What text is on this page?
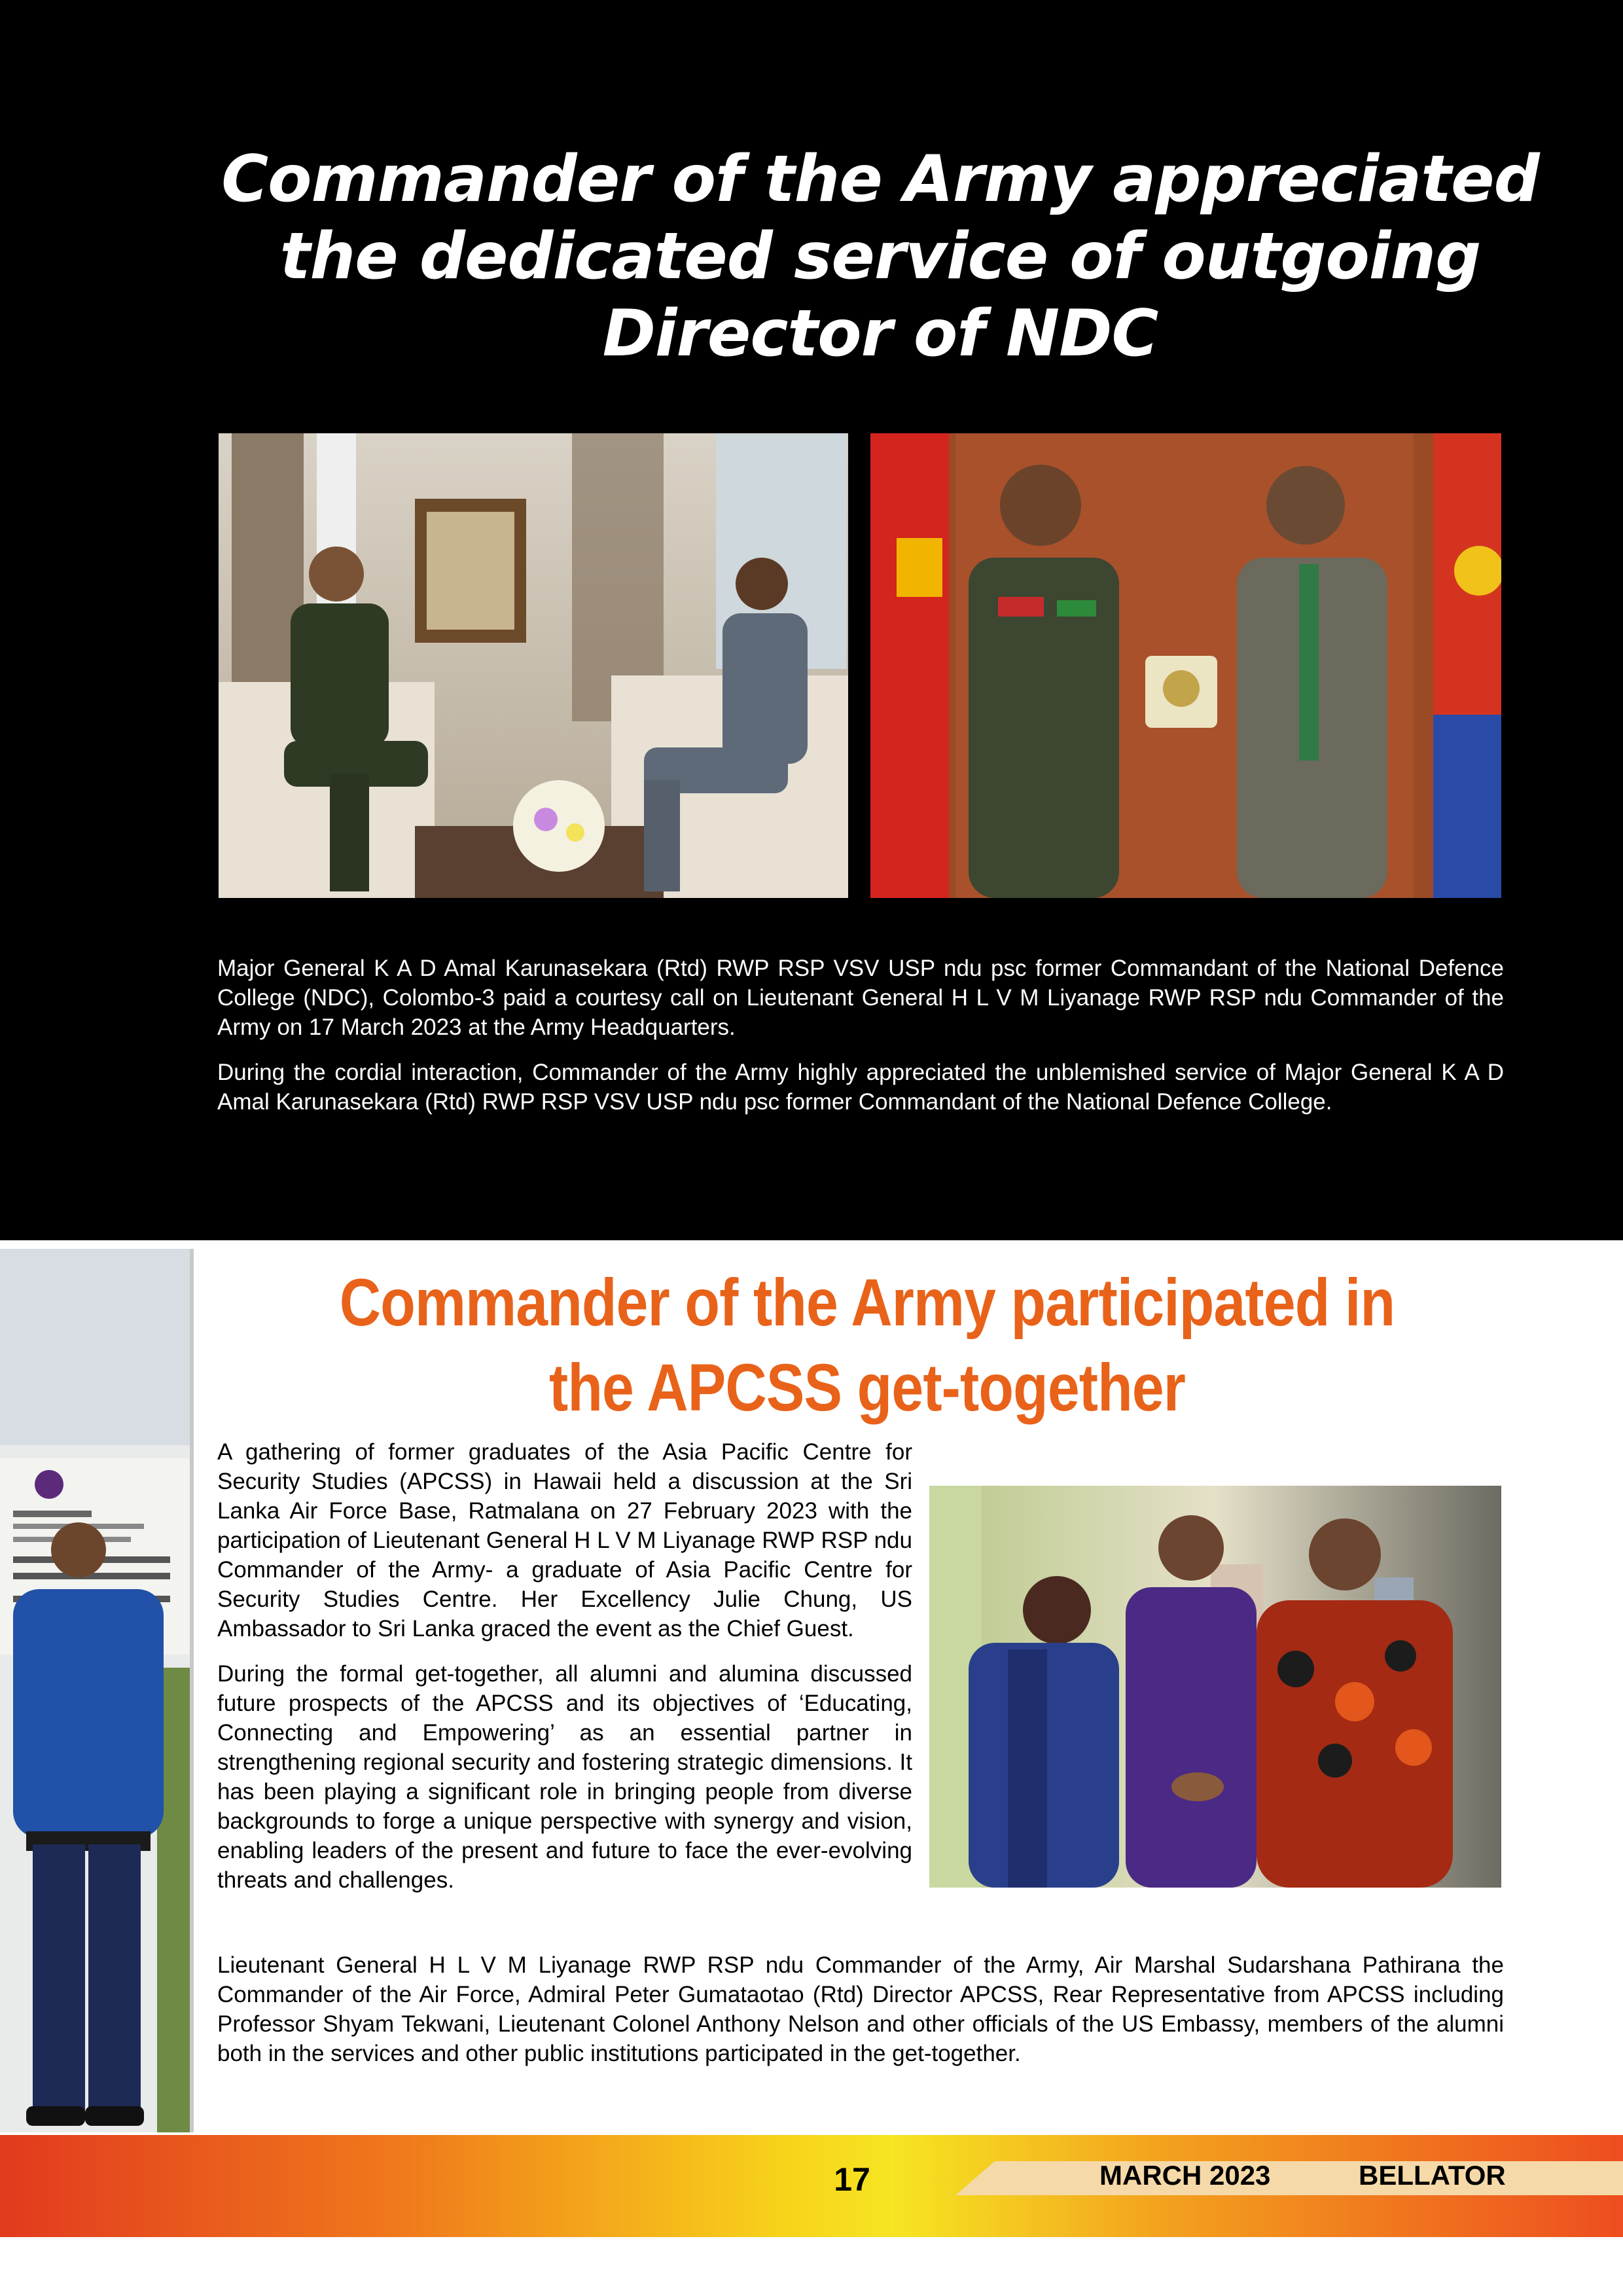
Commander of the Army appreciated the dedicated service of outgoing Director of NDC

Major General K A D Amal Karunasekara (Rtd) RWP RSP VSV USP ndu psc former Commandant of the National Defence College (NDC), Colombo-3 paid a courtesy call on Lieutenant General H L V M Liyanage RWP RSP ndu Commander of the Army on 17 March 2023 at the Army Headquarters.

During the cordial interaction, Commander of the Army highly appreciated the unblemished service of Major General K A D Amal Karunasekara (Rtd) RWP RSP VSV USP ndu psc former Commandant of the National Defence College.

Commander of the Army participated in the APCSS get-together

A gathering of former graduates of the Asia Pacific Centre for Security Studies (APCSS) in Hawaii held a discussion at the Sri Lanka Air Force Base, Ratmalana on 27 February 2023 with the participation of Lieutenant General H L V M Liyanage RWP RSP ndu Commander of the Army- a graduate of Asia Pacific Centre for Security Studies Centre. Her Excellency Julie Chung, US Ambassador to Sri Lanka graced the event as the Chief Guest.

During the formal get-together, all alumni and alumina discussed future prospects of the APCSS and its objectives of ‘Educating, Connecting and Empowering’ as an essential partner in strengthening regional security and fostering strategic dimensions. It has been playing a significant role in bringing people from diverse backgrounds to forge a unique perspective with synergy and vision, enabling leaders of the present and future to face the ever-evolving threats and challenges.

Lieutenant General H L V M Liyanage RWP RSP ndu Commander of the Army, Air Marshal Sudarshana Pathirana the Commander of the Air Force, Admiral Peter Gumataotao (Rtd) Director APCSS, Rear Representative from APCSS including Professor Shyam Tekwani, Lieutenant Colonel Anthony Nelson and other officials of the US Embassy, members of the alumni both in the services and other public institutions participated in the get-together.

17	MARCH 2023	BELLATOR
